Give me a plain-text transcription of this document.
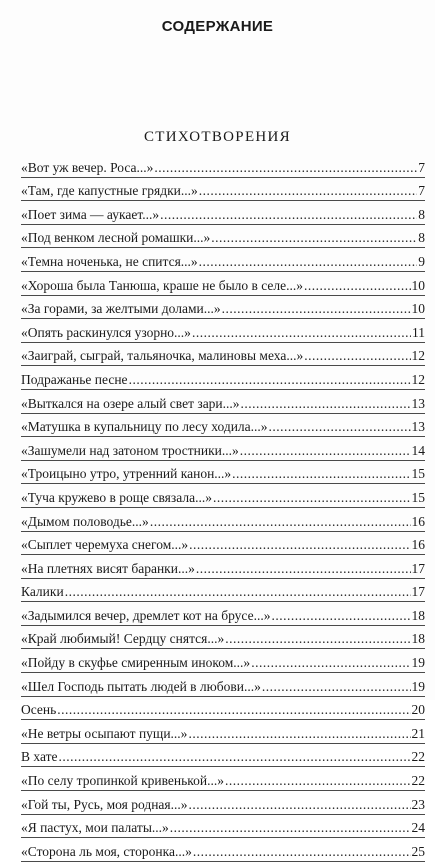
СОДЕРЖАНИЕ
СТИХОТВОРЕНИЯ
«Вот уж вечер. Роса...» .....	7
«Там, где капустные грядки...» .....	7
«Поет зима — аукает...» .....	8
«Под венком лесной ромашки...» .....	8
«Темна ноченька, не спится...» .....	9
«Хороша была Танюша, краше не было в селе...» .....	10
«За горами, за желтыми долами...» .....	10
«Опять раскинулся узорно...» .....	11
«Заиграй, сыграй, тальяночка, малиновы меха...» .....	12
Подражанье песне .....	12
«Выткался на озере алый свет зари...» .....	13
«Матушка в купальницу по лесу ходила...» .....	13
«Зашумели над затоном тростники...» .....	14
«Троицыно утро, утренний канон...» .....	15
«Туча кружево в роще связала...» .....	15
«Дымом половодье...» .....	16
«Сыплет черемуха снегом...» .....	16
«На плетнях висят баранки...» .....	17
Калики .....	17
«Задымился вечер, дремлет кот на брусе...» .....	18
«Край любимый! Сердцу снятся...» .....	18
«Пойду в скуфье смиренным иноком...» .....	19
«Шел Господь пытать людей в любови...» .....	19
Осень .....	20
«Не ветры осыпают пущи...» .....	21
В хате .....	22
«По селу тропинкой кривенькой...» .....	22
«Гой ты, Русь, моя родная...» .....	23
«Я пастух, мои палаты...» .....	24
«Сторона ль моя, сторонка...» .....	25
